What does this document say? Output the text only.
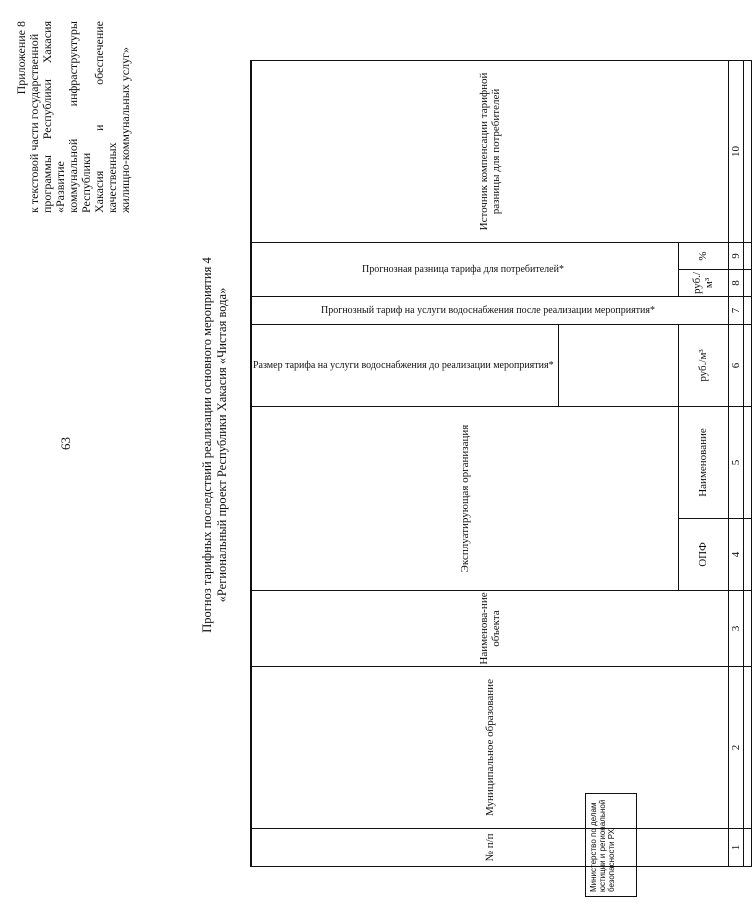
63
Приложение 8 к текстовой части государственной программы Республики Хакасия «Развитие коммунальной инфраструктуры Республики Хакасия и обеспечение качественных жилищно-коммунальных услуг»
Прогноз тарифных последствий реализации основного мероприятия 4 «Региональный проект Республики Хакасия «Чистая вода»
№ п/п	Муниципальное образование	Наименова-ние объекта	Эксплуатирующая организация		Размер тарифа на услуги водоснабжения до реализации мероприятия*	Прогнозный тариф на услуги водоснабжения после реализации мероприятия*	Прогнозная разница тарифа для потребителей*		Источник компенсации тарифной разницы для потребителей

			ОПФ	Наименование	руб./м³		руб./м³	%	
1	2	3	4	5	6	7	8	9	10

Министерство по делам юстиции и региональной безопасности РХ
